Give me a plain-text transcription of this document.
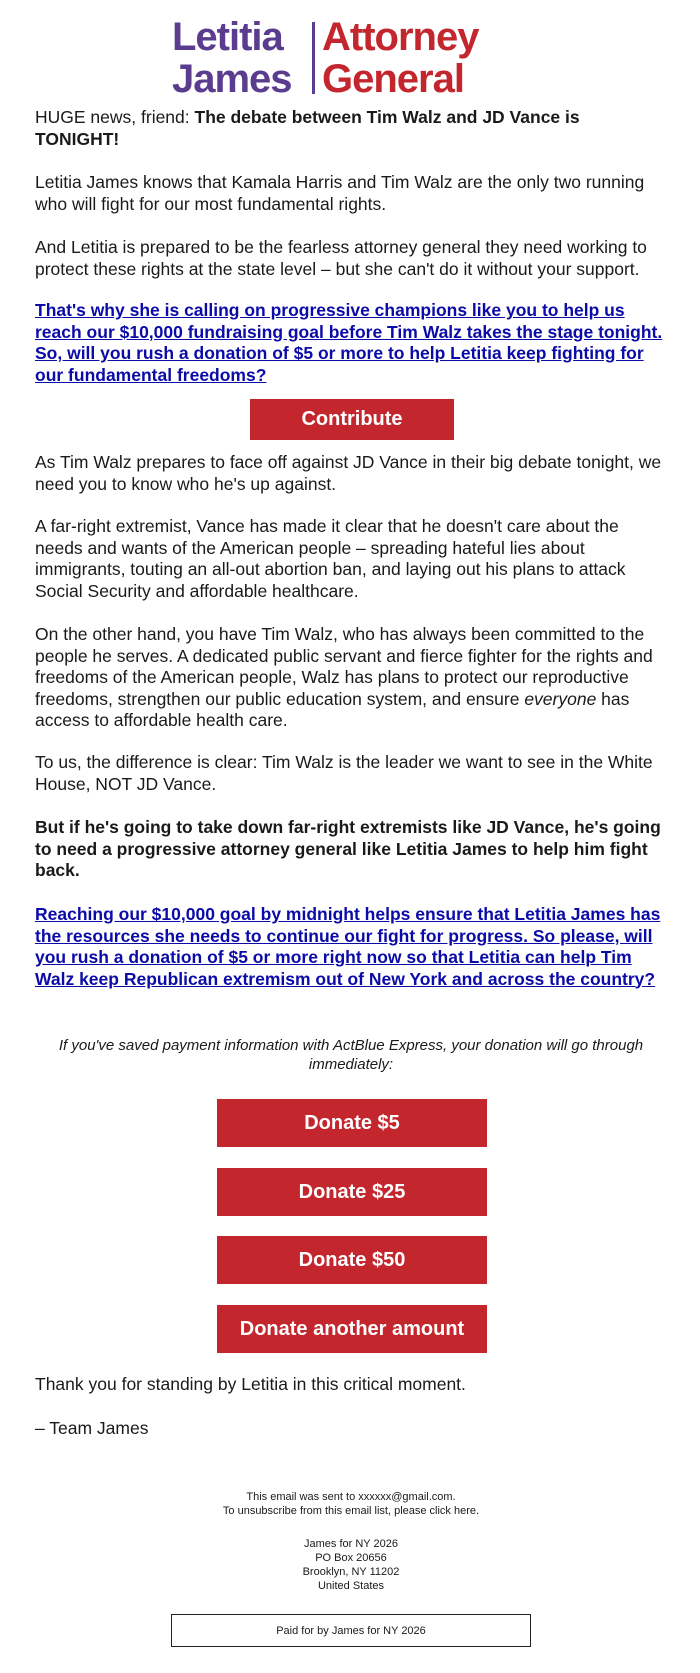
Letitia
James
Attorney
General

HUGE news, friend: The debate between Tim Walz and JD Vance is TONIGHT!

Letitia James knows that Kamala Harris and Tim Walz are the only two running who will fight for our most fundamental rights.

And Letitia is prepared to be the fearless attorney general they need working to protect these rights at the state level – but she can't do it without your support.

That's why she is calling on progressive champions like you to help us reach our $10,000 fundraising goal before Tim Walz takes the stage tonight. So, will you rush a donation of $5 or more to help Letitia keep fighting for our fundamental freedoms?

Contribute

As Tim Walz prepares to face off against JD Vance in their big debate tonight, we need you to know who he's up against.

A far-right extremist, Vance has made it clear that he doesn't care about the needs and wants of the American people – spreading hateful lies about immigrants, touting an all-out abortion ban, and laying out his plans to attack Social Security and affordable healthcare.

On the other hand, you have Tim Walz, who has always been committed to the people he serves. A dedicated public servant and fierce fighter for the rights and freedoms of the American people, Walz has plans to protect our reproductive freedoms, strengthen our public education system, and ensure everyone has access to affordable health care.

To us, the difference is clear: Tim Walz is the leader we want to see in the White House, NOT JD Vance.

But if he's going to take down far-right extremists like JD Vance, he's going to need a progressive attorney general like Letitia James to help him fight back.

Reaching our $10,000 goal by midnight helps ensure that Letitia James has the resources she needs to continue our fight for progress. So please, will you rush a donation of $5 or more right now so that Letitia can help Tim Walz keep Republican extremism out of New York and across the country?

If you've saved payment information with ActBlue Express, your donation will go through immediately:
Donate $5
Donate $25
Donate $50
Donate another amount

Thank you for standing by Letitia in this critical moment.

– Team James

This email was sent to xxxxxx@gmail.com.
To unsubscribe from this email list, please click here.
James for NY 2026
PO Box 20656
Brooklyn, NY 11202
United States
Paid for by James for NY 2026
